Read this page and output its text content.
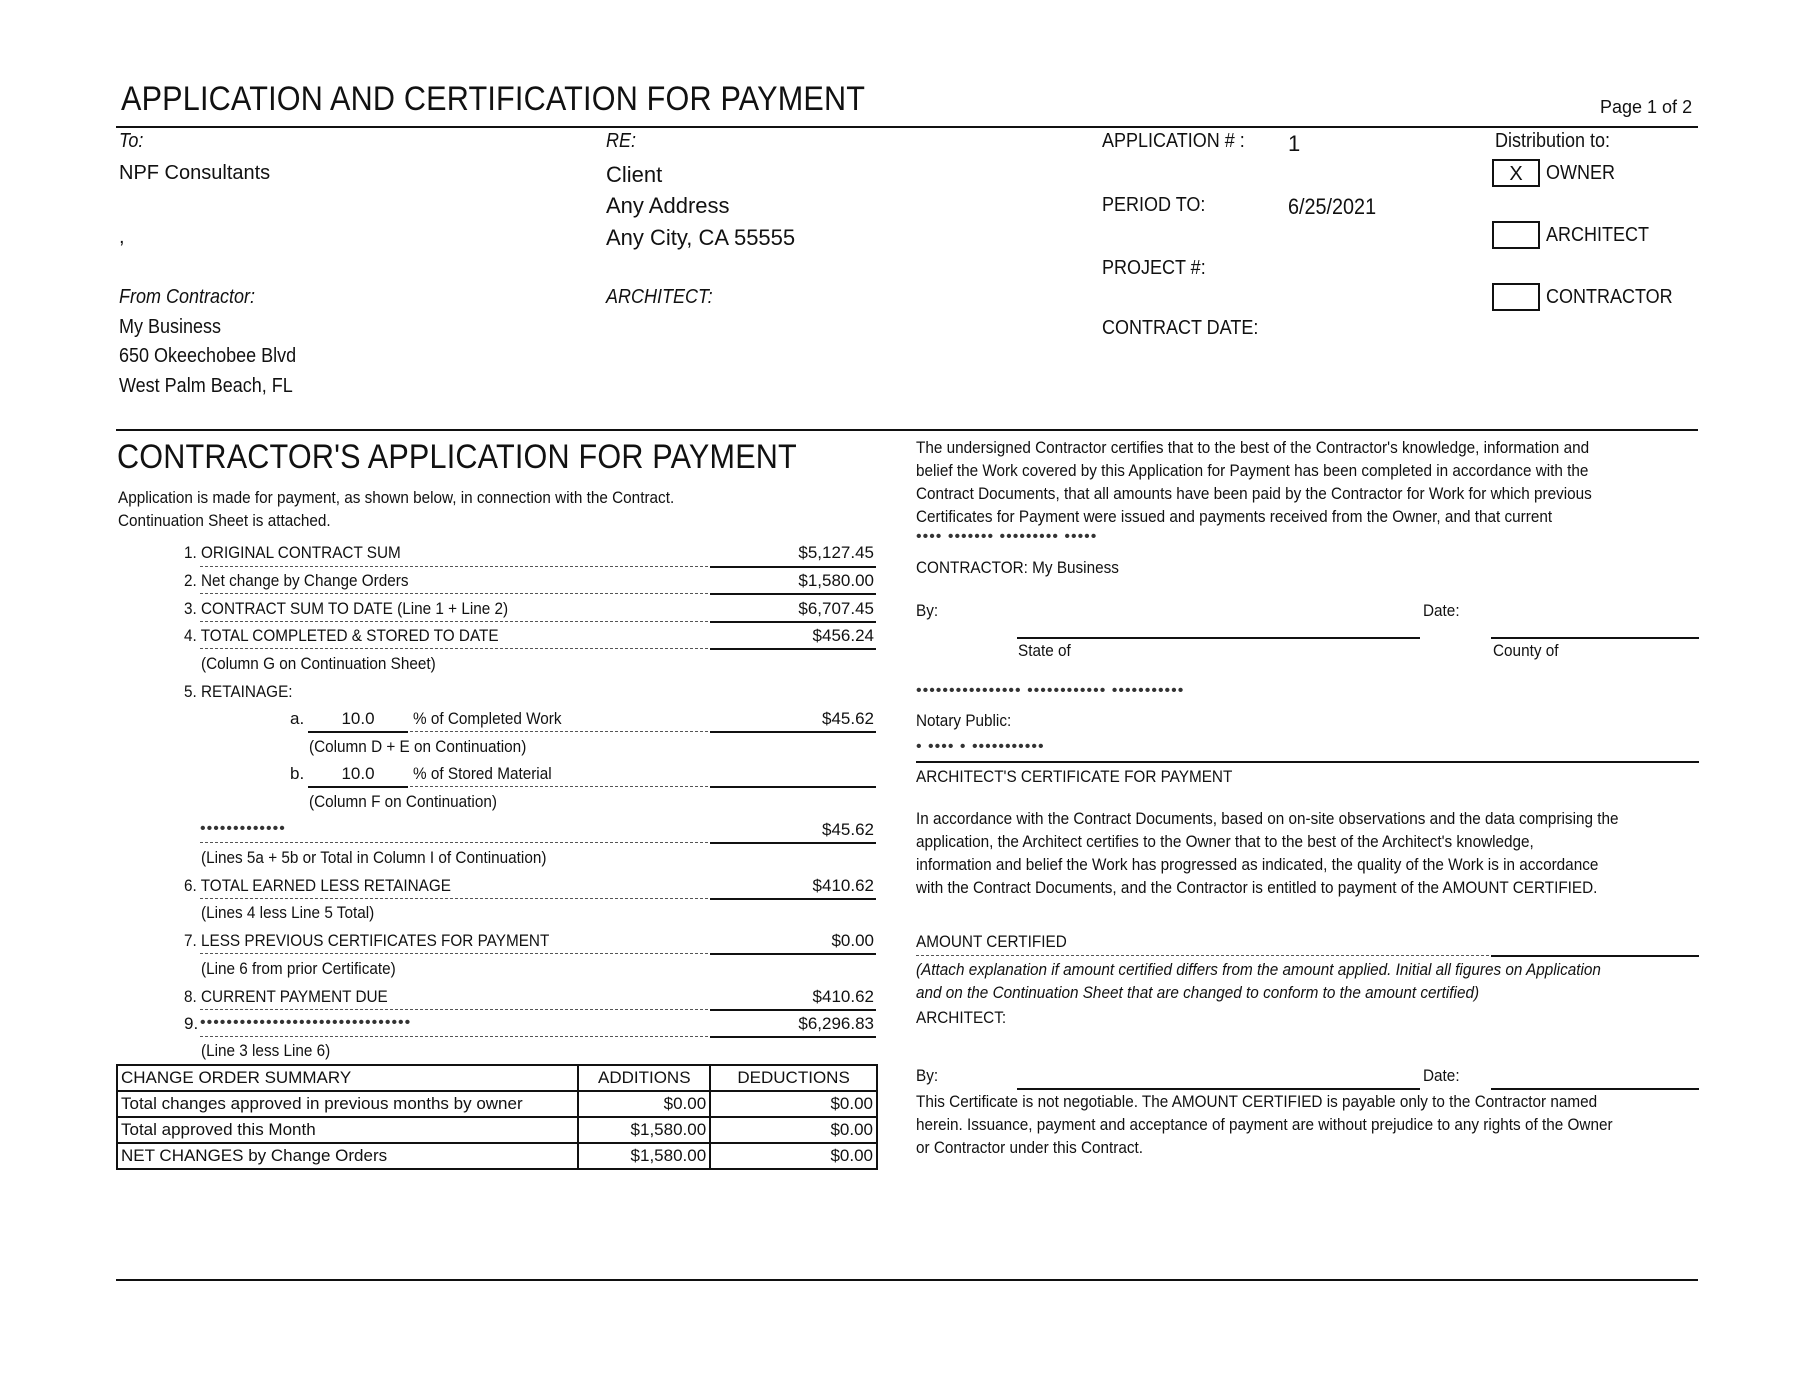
APPLICATION AND CERTIFICATION FOR PAYMENT	Page 1 of 2
To:
NPF Consultants
,
RE:
Client
Any Address
Any City, CA 55555
APPLICATION # : 1
PERIOD TO:	6/25/2021
PROJECT #:
CONTRACT DATE:
Distribution to:
X	OWNER
ARCHITECT
CONTRACTOR
From Contractor:
My Business
650 Okeechobee Blvd
West Palm Beach, FL
ARCHITECT:
CONTRACTOR'S APPLICATION FOR PAYMENT
Application is made for payment, as shown below, in connection with the Contract.
Continuation Sheet is attached.
1. ORIGINAL CONTRACT SUM	$5,127.45
2. Net change by Change Orders	$1,580.00
3. CONTRACT SUM TO DATE (Line 1 + Line 2)	$6,707.45
4. TOTAL COMPLETED & STORED TO DATE	$456.24
(Column G on Continuation Sheet)
5. RETAINAGE:
a.	10.0	% of Completed Work	$45.62
(Column D + E on Continuation)
b.	10.0	% of Stored Material
(Column F on Continuation)
•••••••••••••	$45.62
(Lines 5a + 5b or Total in Column I of Continuation)
6. TOTAL EARNED LESS RETAINAGE	$410.62
(Lines 4 less Line 5 Total)
7. LESS PREVIOUS CERTIFICATES FOR PAYMENT	$0.00
(Line 6 from prior Certificate)
8. CURRENT PAYMENT DUE	$410.62
9. ••••••••••••••••••••••••••••••••	$6,296.83
(Line 3 less Line 6)
CHANGE ORDER SUMMARY	ADDITIONS	DEDUCTIONS
Total changes approved in previous months by owner	$0.00	$0.00
Total approved this Month	$1,580.00	$0.00
NET CHANGES by Change Orders	$1,580.00	$0.00
The undersigned Contractor certifies that to the best of the Contractor's knowledge, information and
belief the Work covered by this Application for Payment has been completed in accordance with the
Contract Documents, that all amounts have been paid by the Contractor for Work for which previous
Certificates for Payment were issued and payments received from the Owner, and that current
•••• ••••••• ••••••••• •••••
CONTRACTOR: My Business
By:	Date:
State of	County of
•••••••••••••••• •••••••••••• •••••••••••
Notary Public:
• •••• • •••••••••••
ARCHITECT'S CERTIFICATE FOR PAYMENT
In accordance with the Contract Documents, based on on-site observations and the data comprising the
application, the Architect certifies to the Owner that to the best of the Architect's knowledge,
information and belief the Work has progressed as indicated, the quality of the Work is in accordance
with the Contract Documents, and the Contractor is entitled to payment of the AMOUNT CERTIFIED.
AMOUNT CERTIFIED
(Attach explanation if amount certified differs from the amount applied. Initial all figures on Application
and on the Continuation Sheet that are changed to conform to the amount certified)
ARCHITECT:
By:	Date:
This Certificate is not negotiable. The AMOUNT CERTIFIED is payable only to the Contractor named
herein. Issuance, payment and acceptance of payment are without prejudice to any rights of the Owner
or Contractor under this Contract.
